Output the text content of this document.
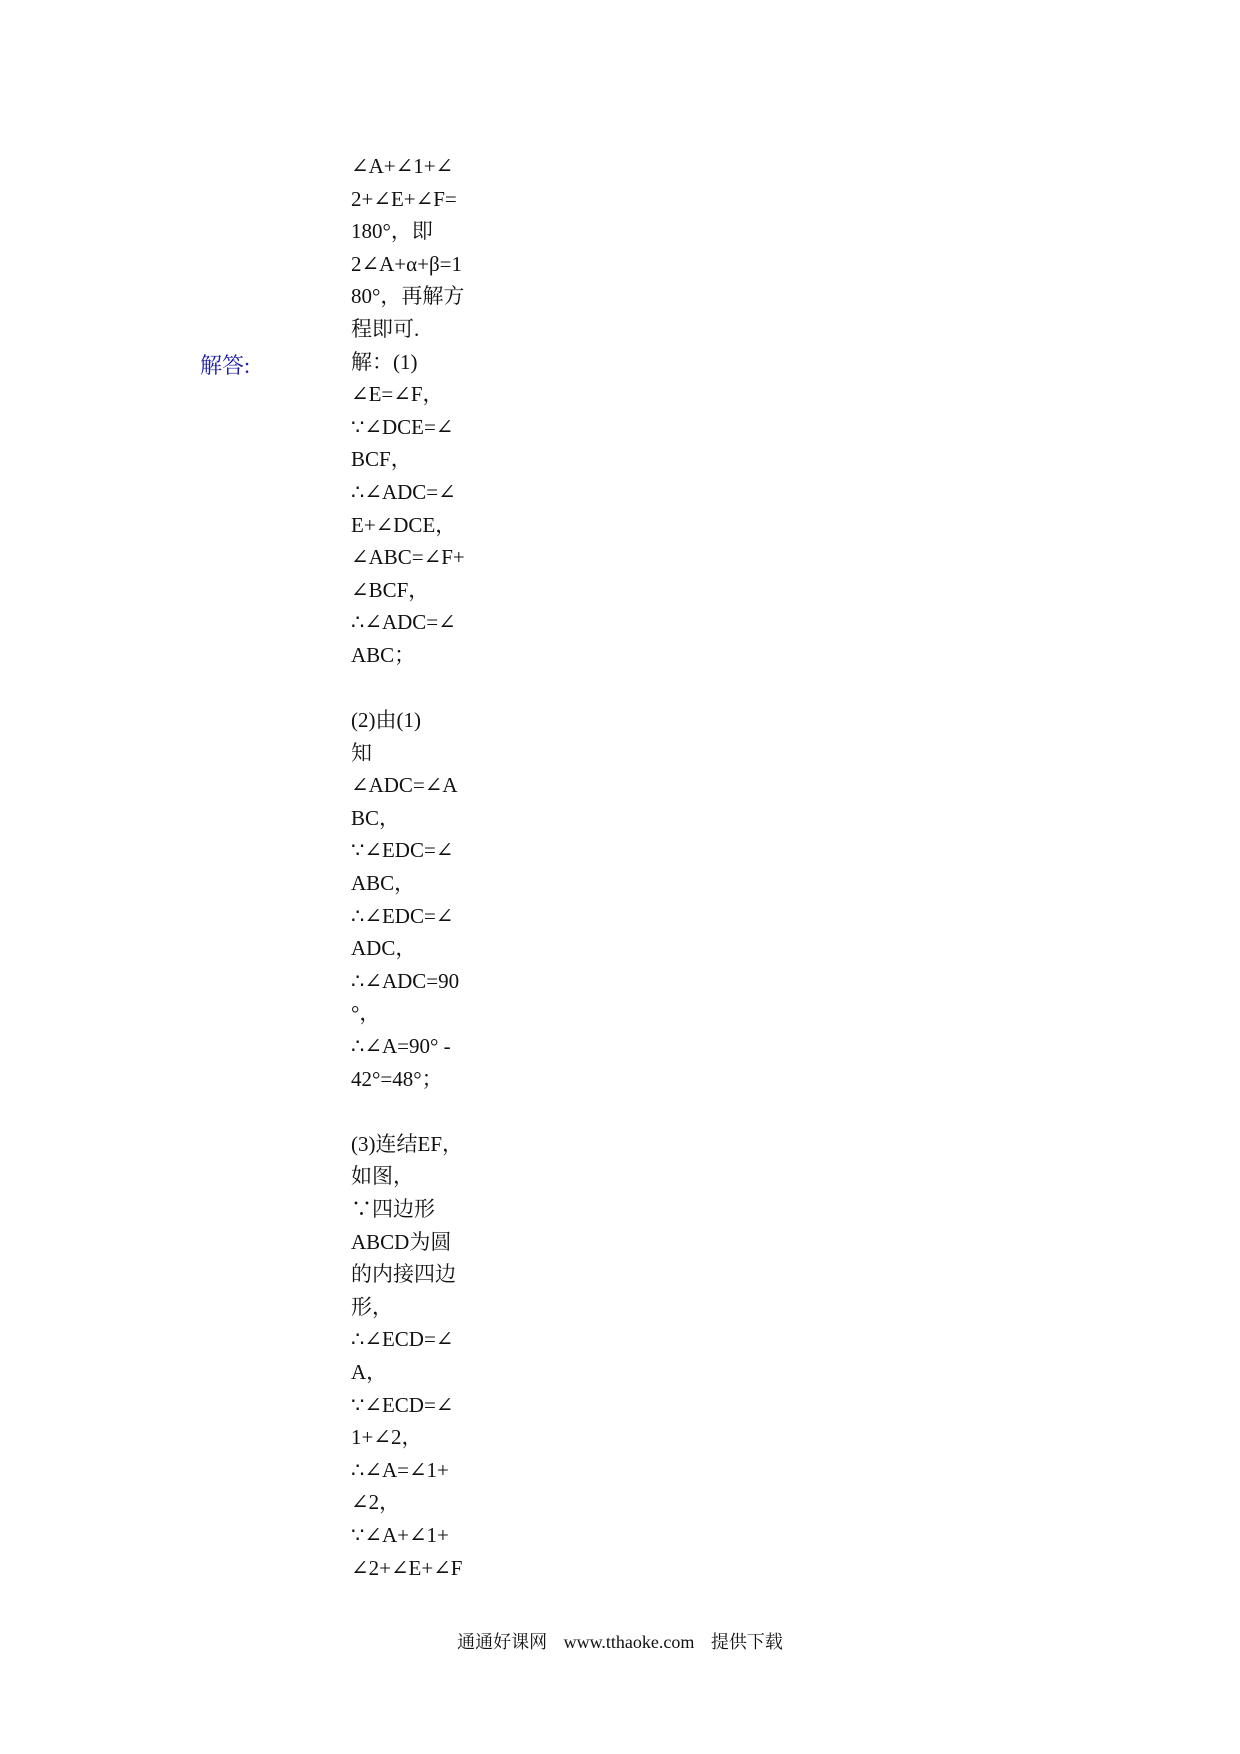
解答:
∠A+∠1+∠
2+∠E+∠F=
180°，即
2∠A+α+β=1
80°，再解方
程即可.
解：(1)
∠E=∠F，
∵∠DCE=∠
BCF，
∴∠ADC=∠
E+∠DCE，
∠ABC=∠F+
∠BCF，
∴∠ADC=∠
ABC；
(2)由(1)
知
∠ADC=∠A
BC，
∵∠EDC=∠
ABC，
∴∠EDC=∠
ADC，
∴∠ADC=90
°，
∴∠A=90° -
42°=48°；
(3)连结EF，
如图，
∵四边形
ABCD为圆
的内接四边
形，
∴∠ECD=∠
A，
∵∠ECD=∠
1+∠2，
∴∠A=∠1+
∠2，
∵∠A+∠1+
∠2+∠E+∠F
通通好课网 www.tthaoke.com 提供下载
